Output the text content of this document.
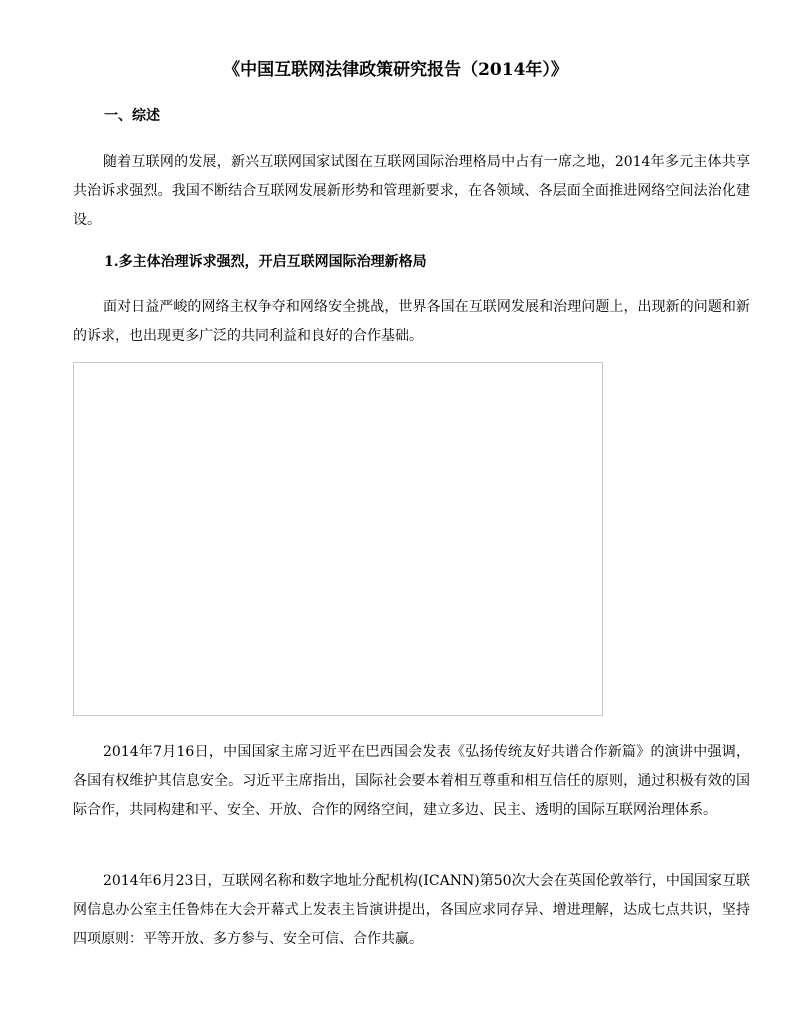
《中国互联网法律政策研究报告（2014年）》
一、综述

随着互联网的发展，新兴互联网国家试图在互联网国际治理格局中占有一席之地，2014年多元主体共享共治诉求强烈。我国不断结合互联网发展新形势和管理新要求，在各领域、各层面全面推进网络空间法治化建设。

1.多主体治理诉求强烈，开启互联网国际治理新格局

面对日益严峻的网络主权争夺和网络安全挑战，世界各国在互联网发展和治理问题上，出现新的问题和新的诉求，也出现更多广泛的共同利益和良好的合作基础。

2014年7月16日，中国国家主席习近平在巴西国会发表《弘扬传统友好共谱合作新篇》的演讲中强调，各国有权维护其信息安全。习近平主席指出，国际社会要本着相互尊重和相互信任的原则，通过积极有效的国际合作，共同构建和平、安全、开放、合作的网络空间，建立多边、民主、透明的国际互联网治理体系。

2014年6月23日，互联网名称和数字地址分配机构(ICANN)第50次大会在英国伦敦举行，中国国家互联网信息办公室主任鲁炜在大会开幕式上发表主旨演讲提出，各国应求同存异、增进理解，达成七点共识，坚持四项原则：平等开放、多方参与、安全可信、合作共赢。
